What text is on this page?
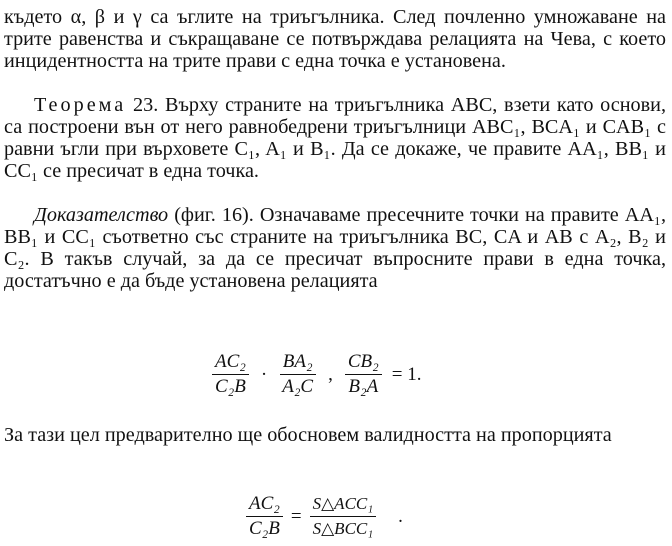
където α, β и γ са ъглите на триъгълника. След почленно умножаване на трите равенства и съкращаване се потвърждава релацията на Чева, с което инцидентността на трите прави с една точка е установена.

Теорема 23. Върху страните на триъгълника ABC, взети като основи, са построени вън от него равнобедрени триъгълници ABC₁, BCA₁ и CAB₁ с равни ъгли при върховете C₁, A₁ и B₁. Да се докаже, че правите AA₁, BB₁ и CC₁ се пресичат в една точка.

Доказателство (фиг. 16). Означаваме пресечните точки на правите AA₁, BB₁ и CC₁ съответно със страните на триъгълника BC, CA и AB с A₂, B₂ и C₂. В такъв случай, за да се пресичат въпросните прави в една точка, достатъчно е да бъде установена релацията

$\frac{\text{AC₂}}{\text{C₂B}} \cdot \frac{\text{BA₂}}{\text{A₂C}}$ , $\frac{\text{CB₂}}{\text{B₂A}} = 1$.

За тази цел предварително ще обосновем валидността на пропорцията

$\frac{\text{AC₂}}{\text{C₂B}} = \frac{\text{S△ACC₁}}{\text{S△BCC₁}}$ .
